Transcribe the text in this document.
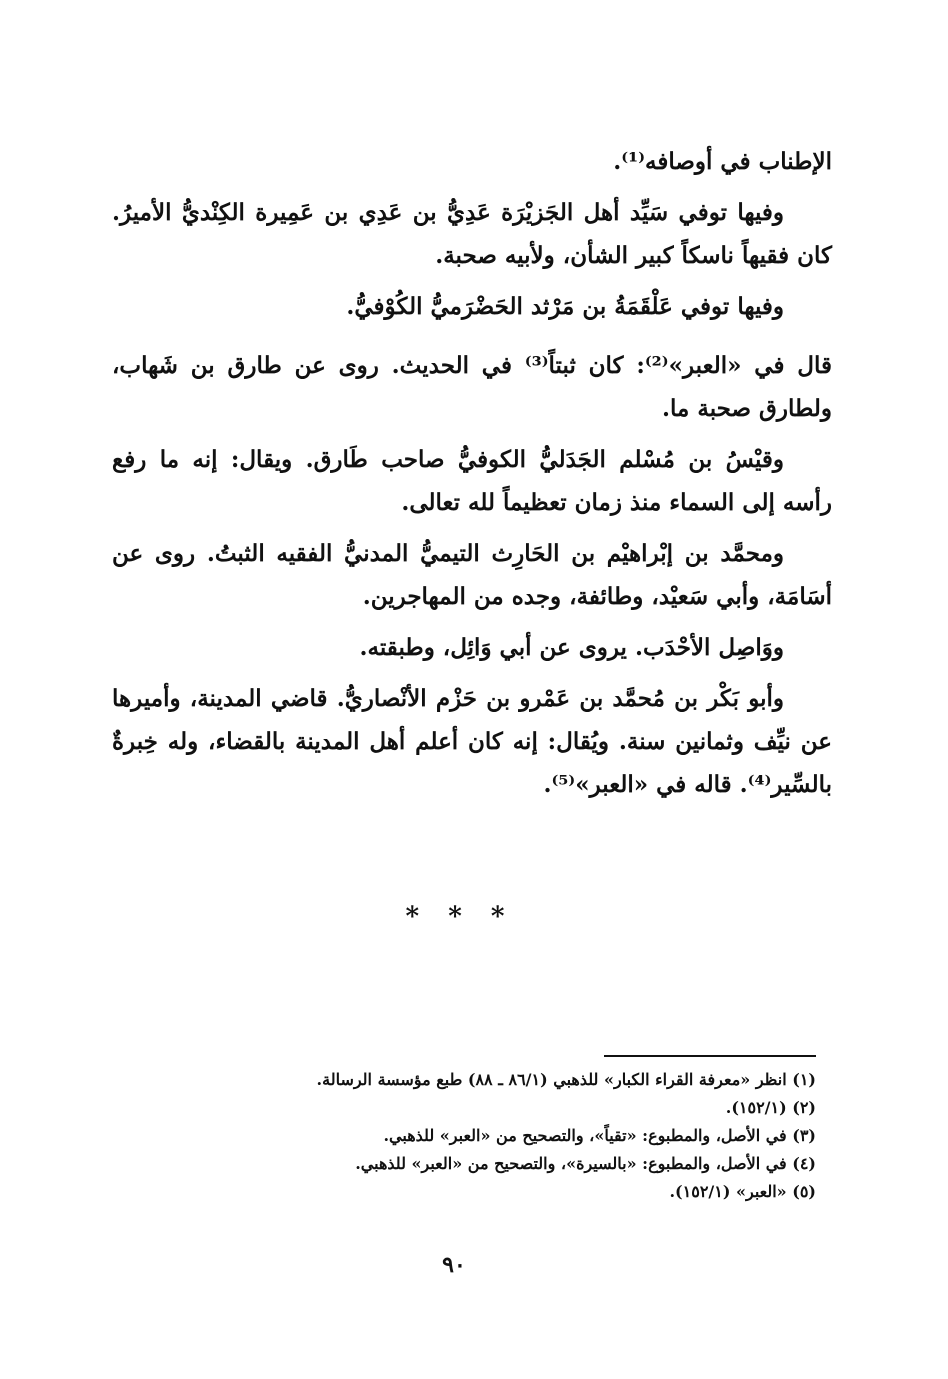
الإطناب في أوصافه⁽¹⁾.

وفيها توفي سَيِّد أهل الجَزيْرَة عَدِيُّ بن عَدِي بن عَمِيرة الكِنْديُّ الأميرُ. كان فقيهاً ناسكاً كبير الشأن، ولأبيه صحبة.

وفيها توفي عَلْقَمَةُ بن مَرْثد الحَضْرَميُّ الكُوْفيُّ.

قال في «العبر»⁽²⁾: كان ثبتاً⁽³⁾ في الحديث. روى عن طارق بن شَهاب، ولطارق صحبة ما.

وقيْسُ بن مُسْلم الجَدَليُّ الكوفيُّ صاحب طَارق. ويقال: إنه ما رفع رأسه إلى السماء منذ زمان تعظيماً لله تعالى.

ومحمَّد بن إبْراهيْم بن الحَارِث التيميُّ المدنيُّ الفقيه الثبتُ. روى عن أسَامَة، وأبي سَعيْد، وطائفة، وجده من المهاجرين.

ووَاصِل الأحْدَب. يروى عن أبي وَائِل، وطبقته.

وأبو بَكْر بن مُحمَّد بن عَمْرو بن حَزْم الأنْصاريُّ. قاضي المدينة، وأميرها عن نيِّف وثمانين سنة. ويُقال: إنه كان أعلم أهل المدينة بالقضاء، وله خِبرةٌ بالسِّير⁽⁴⁾. قاله في «العبر»⁽⁵⁾.

* * *

(١) انظر «معرفة القراء الكبار» للذهبي (٨٦/١ ـ ٨٨) طبع مؤسسة الرسالة.

(٢) (١٥٢/١).

(٣) في الأصل، والمطبوع: «تقياً»، والتصحيح من «العبر» للذهبي.

(٤) في الأصل، والمطبوع: «بالسيرة»، والتصحيح من «العبر» للذهبي.

(٥) «العبر» (١٥٢/١).

٩٠
